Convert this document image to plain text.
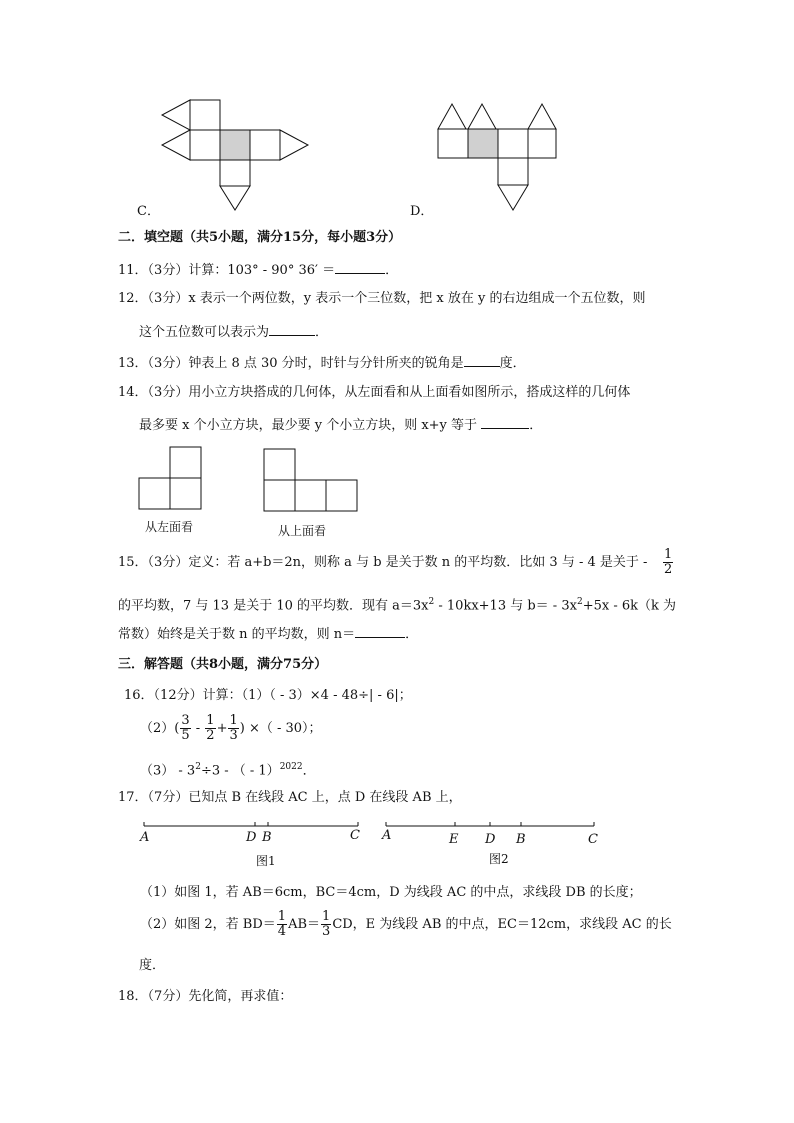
C．	D．
二．填空题（共5小题，满分15分，每小题3分）
11．（3分）计算：103° - 90° 36′ ＝	．
12．（3分）x 表示一个两位数，y 表示一个三位数，把 x 放在 y 的右边组成一个五位数，则
这个五位数可以表示为	．
13．（3分）钟表上 8 点 30 分时，时针与分针所夹的锐角是	度．
14．（3分）用小立方块搭成的几何体，从左面看和从上面看如图所示，搭成这样的几何体
最多要 x 个小立方块，最少要 y 个小立方块，则 x+y 等于	．
从左面看	从上面看
15．（3分）定义：若 a+b＝2n，则称 a 与 b 是关于数 n 的平均数．比如 3 与 - 4 是关于 - $\frac{1}{2}$
的平均数，7 与 13 是关于 10 的平均数．现有 $a=3x^2 - 10kx+13$ 与 $b= - 3x^2+5x - 6k(k$ 为
常数）始终是关于数 n 的平均数，则 n＝	．
三．解答题（共8小题，满分75分）
16．（12分）计算：（1）（ - 3）×4 - 48÷| - 6|；
$(2)( \frac{3}{5} - \frac{1}{2} + \frac{1}{3}$ ) ×（ - 30）；
$(3) - 3^2\div 3$ - （ - 1）$^{2022}$．
17．（7分）已知点 B 在线段 AC 上，点 D 在线段 AB 上，
A	D B	C
图1
A	E D B	C
图2
（1）如图 1，若 AB＝6cm，BC＝4cm，D 为线段 AC 的中点，求线段 DB 的长度；
（2）如图 2，若 $BD= \frac{1}{4} AB= \frac{1}{3}$ CD，E 为线段 AB 的中点，EC＝12cm，求线段 AC 的长
度．
18．（7分）先化简，再求值：
